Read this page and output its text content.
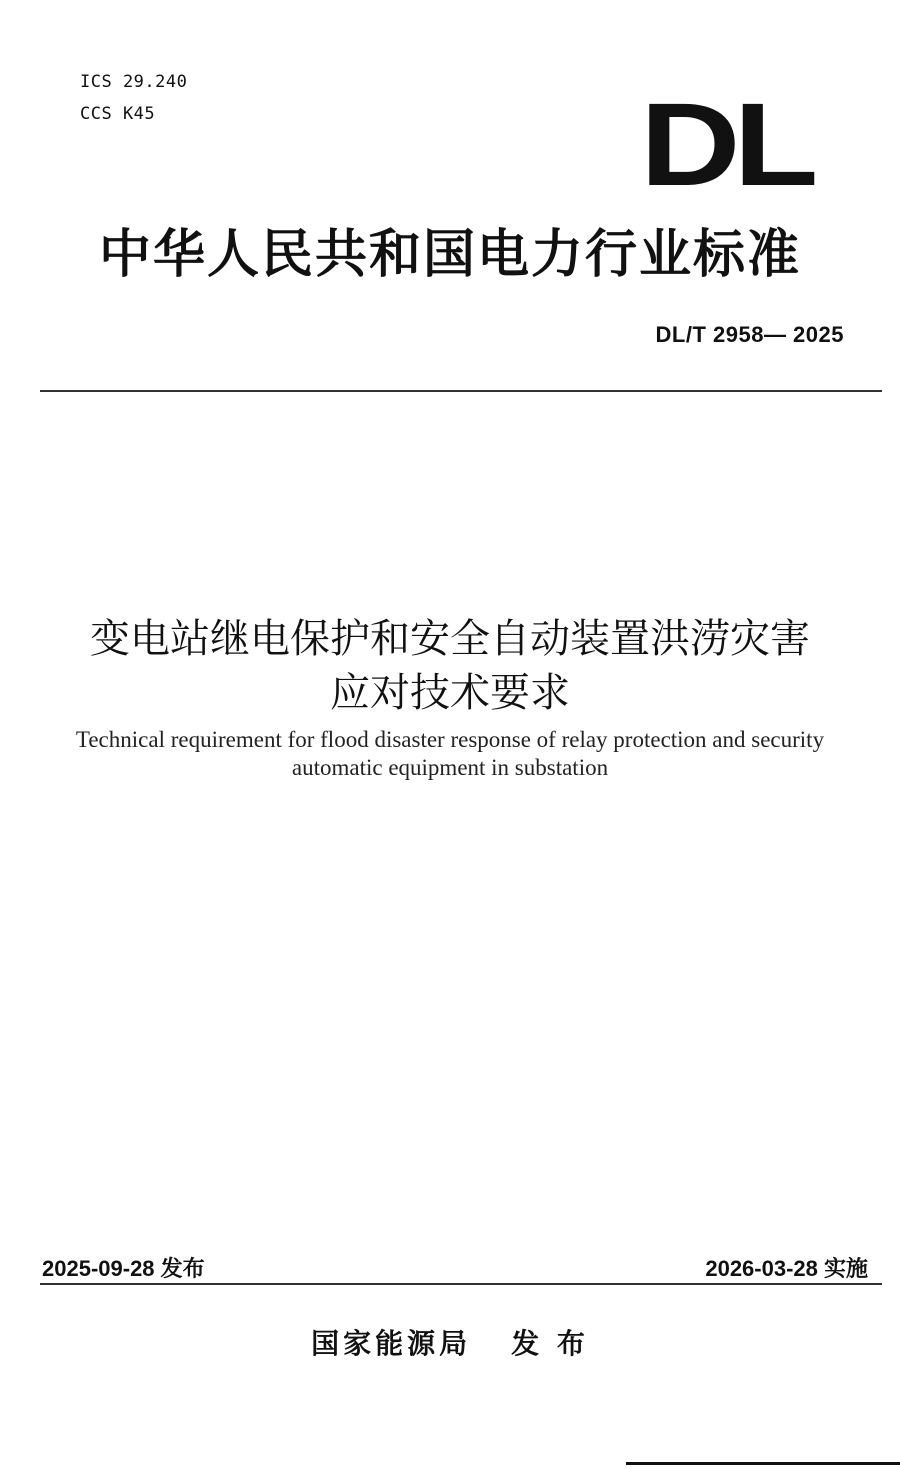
ICS 29.240
CCS K45	DL
中华人民共和国电力行业标准
DL/T 2958— 2025
变电站继电保护和安全自动装置洪涝灾害
应对技术要求
Technical requirement for flood disaster response of relay protection and security
automatic equipment in substation
2025-09-28 发布	2026-03-28 实施
国家能源局 发 布
